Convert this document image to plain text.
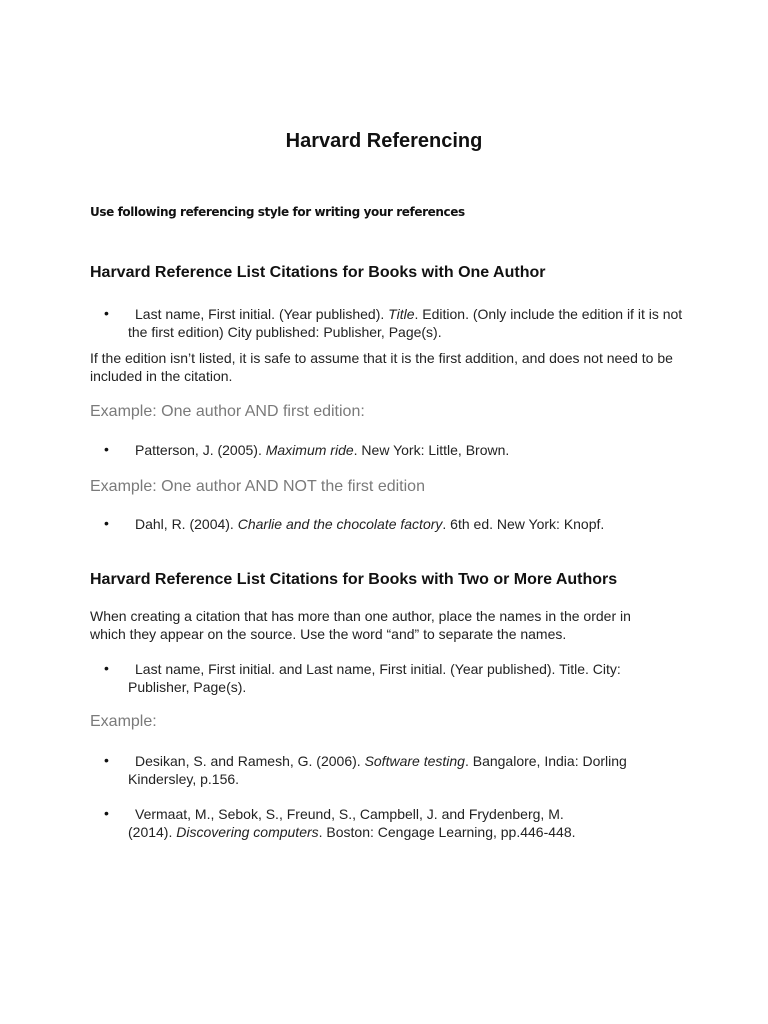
Harvard Referencing
Use following referencing style for writing your references
Harvard Reference List Citations for Books with One Author
•	Last name, First initial. (Year published). Title. Edition. (Only include the edition if it is not the first edition) City published: Publisher, Page(s).
If the edition isn’t listed, it is safe to assume that it is the first addition, and does not need to be included in the citation.
Example: One author AND first edition:
•	Patterson, J. (2005). Maximum ride. New York: Little, Brown.
Example: One author AND NOT the first edition
•	Dahl, R. (2004). Charlie and the chocolate factory. 6th ed. New York: Knopf.
Harvard Reference List Citations for Books with Two or More Authors
When creating a citation that has more than one author, place the names in the order in which they appear on the source. Use the word “and” to separate the names.
•	Last name, First initial. and Last name, First initial. (Year published). Title. City: Publisher, Page(s).
Example:
•	Desikan, S. and Ramesh, G. (2006). Software testing. Bangalore, India: Dorling Kindersley, p.156.
•	Vermaat, M., Sebok, S., Freund, S., Campbell, J. and Frydenberg, M. (2014). Discovering computers. Boston: Cengage Learning, pp.446-448.
